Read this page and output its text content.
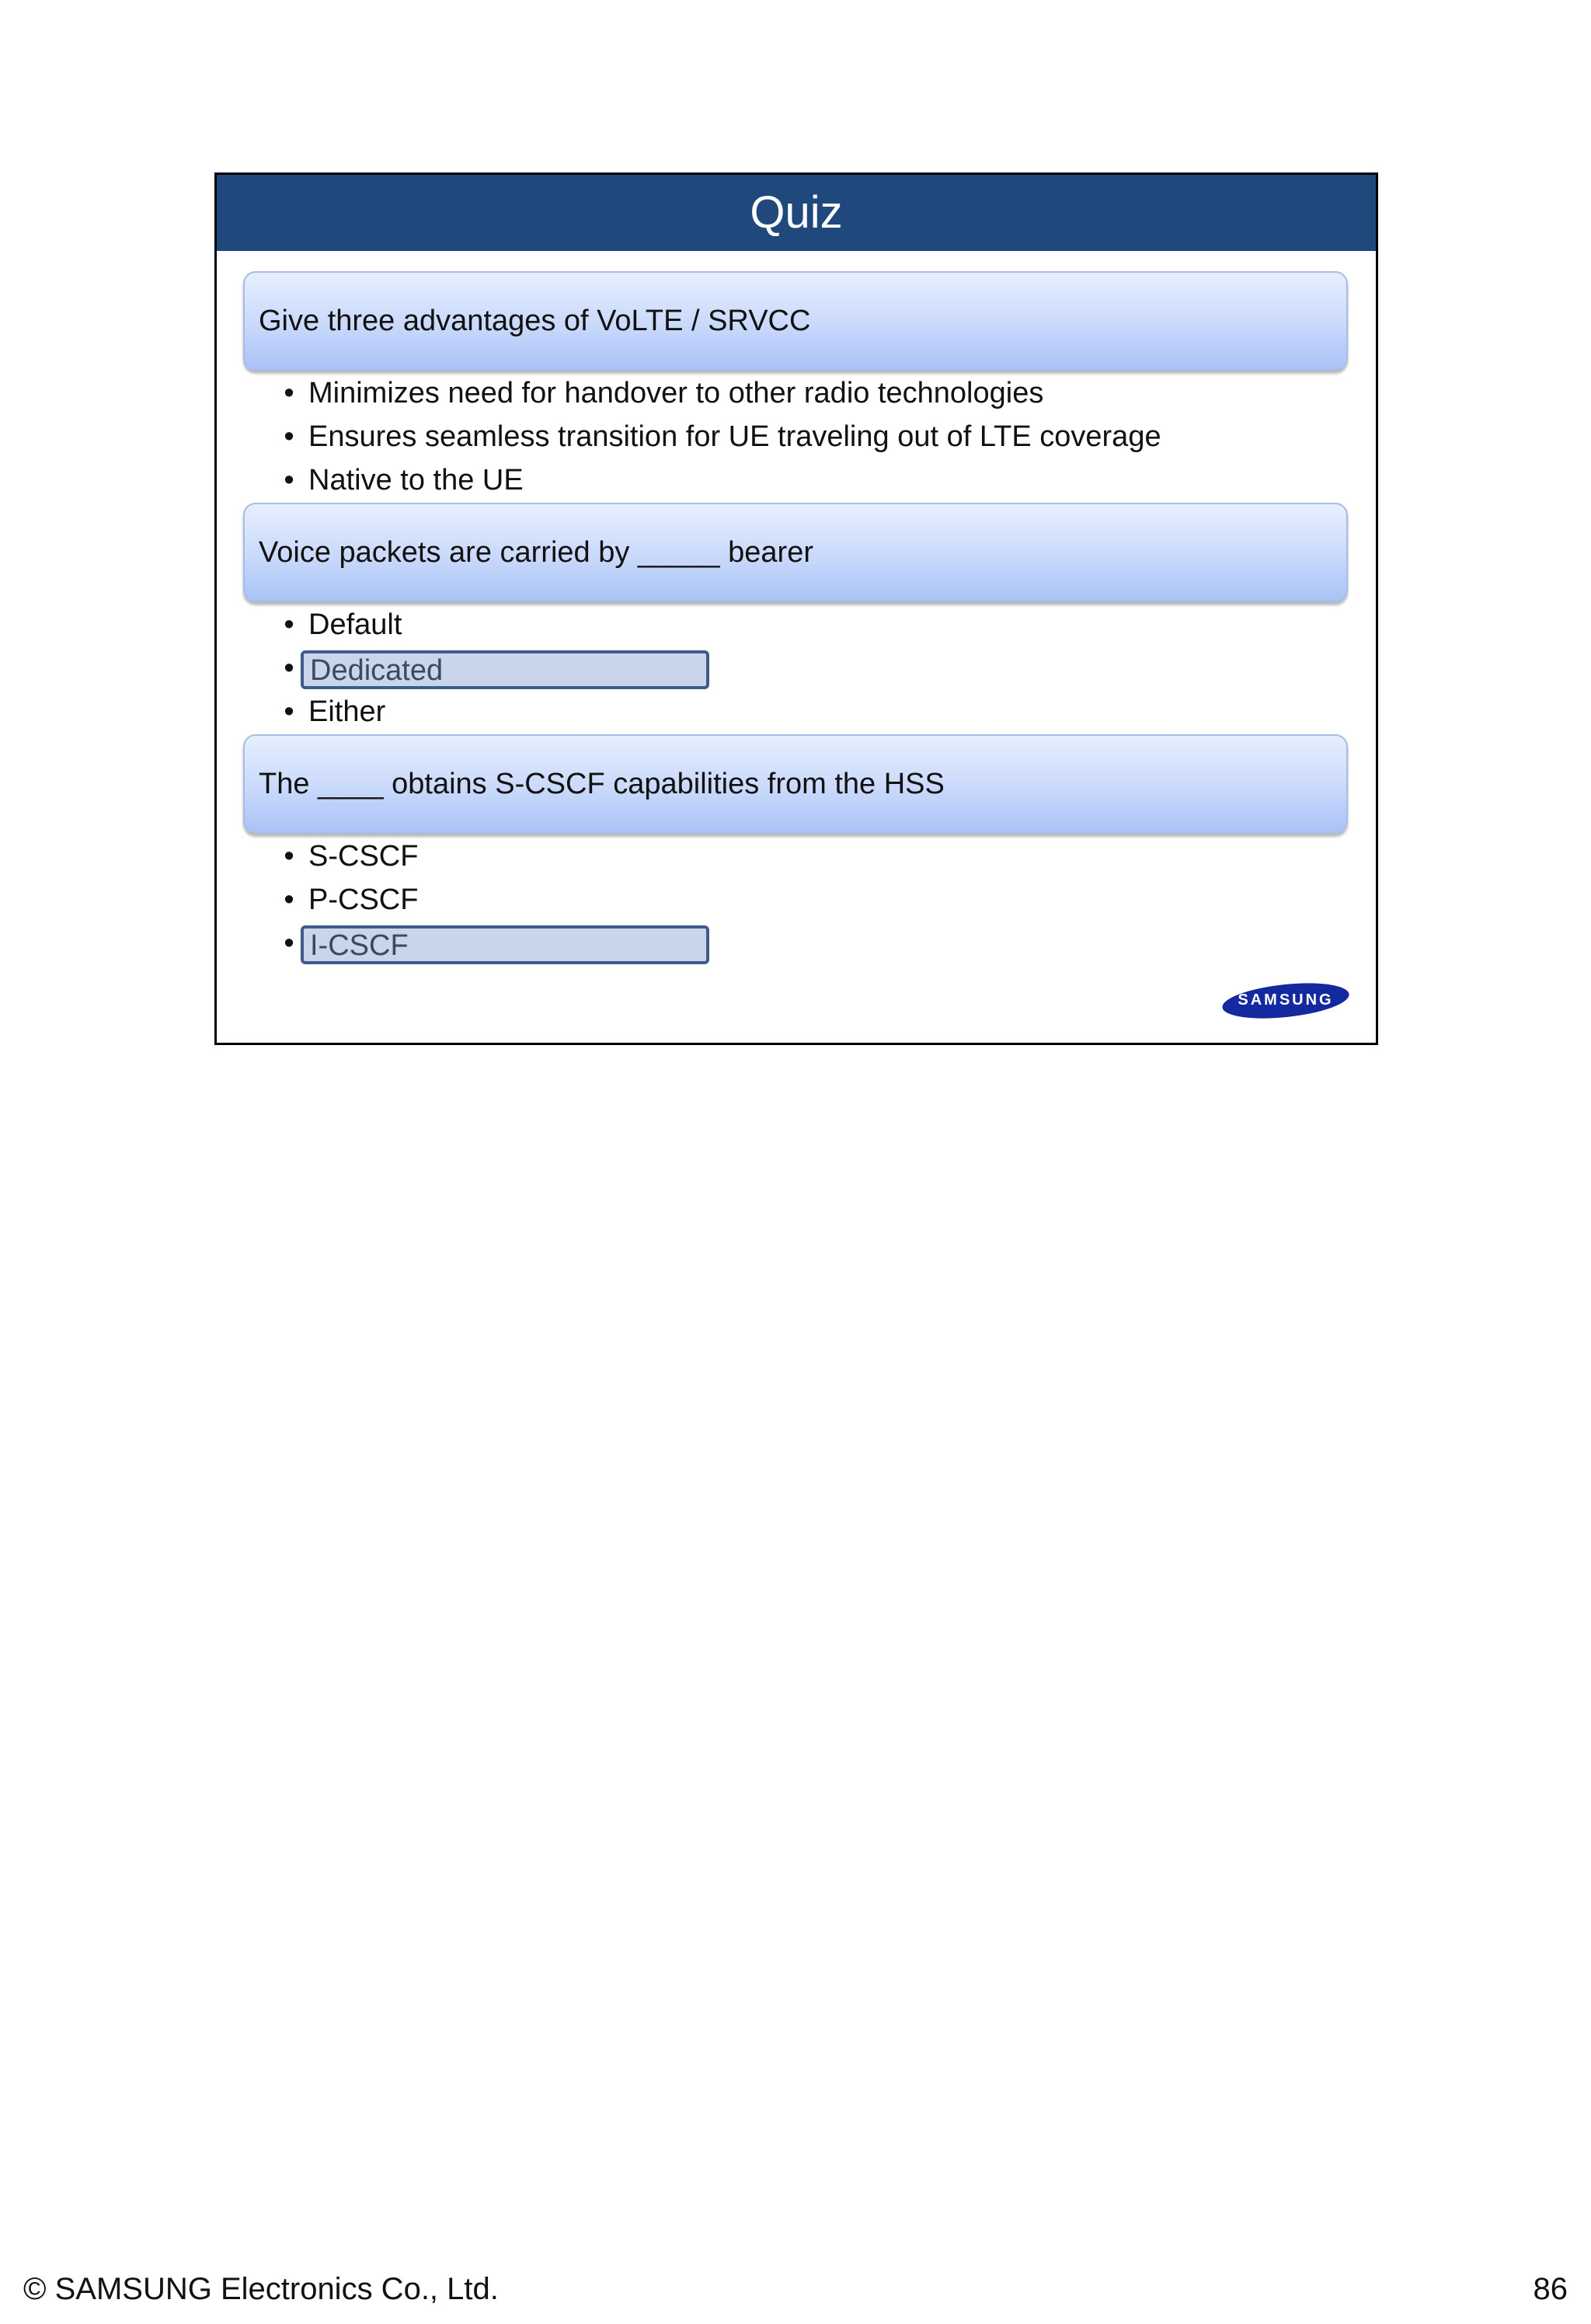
Quiz
Give three advantages of VoLTE / SRVCC
• Minimizes need for handover to other radio technologies
• Ensures seamless transition for UE traveling out of LTE coverage
• Native to the UE
Voice packets are carried by _____ bearer
• Default
• Dedicated
• Either
The ____ obtains S-CSCF capabilities from the HSS
• S-CSCF
• P-CSCF
• I-CSCF
SAMSUNG
© SAMSUNG Electronics Co., Ltd.	86
